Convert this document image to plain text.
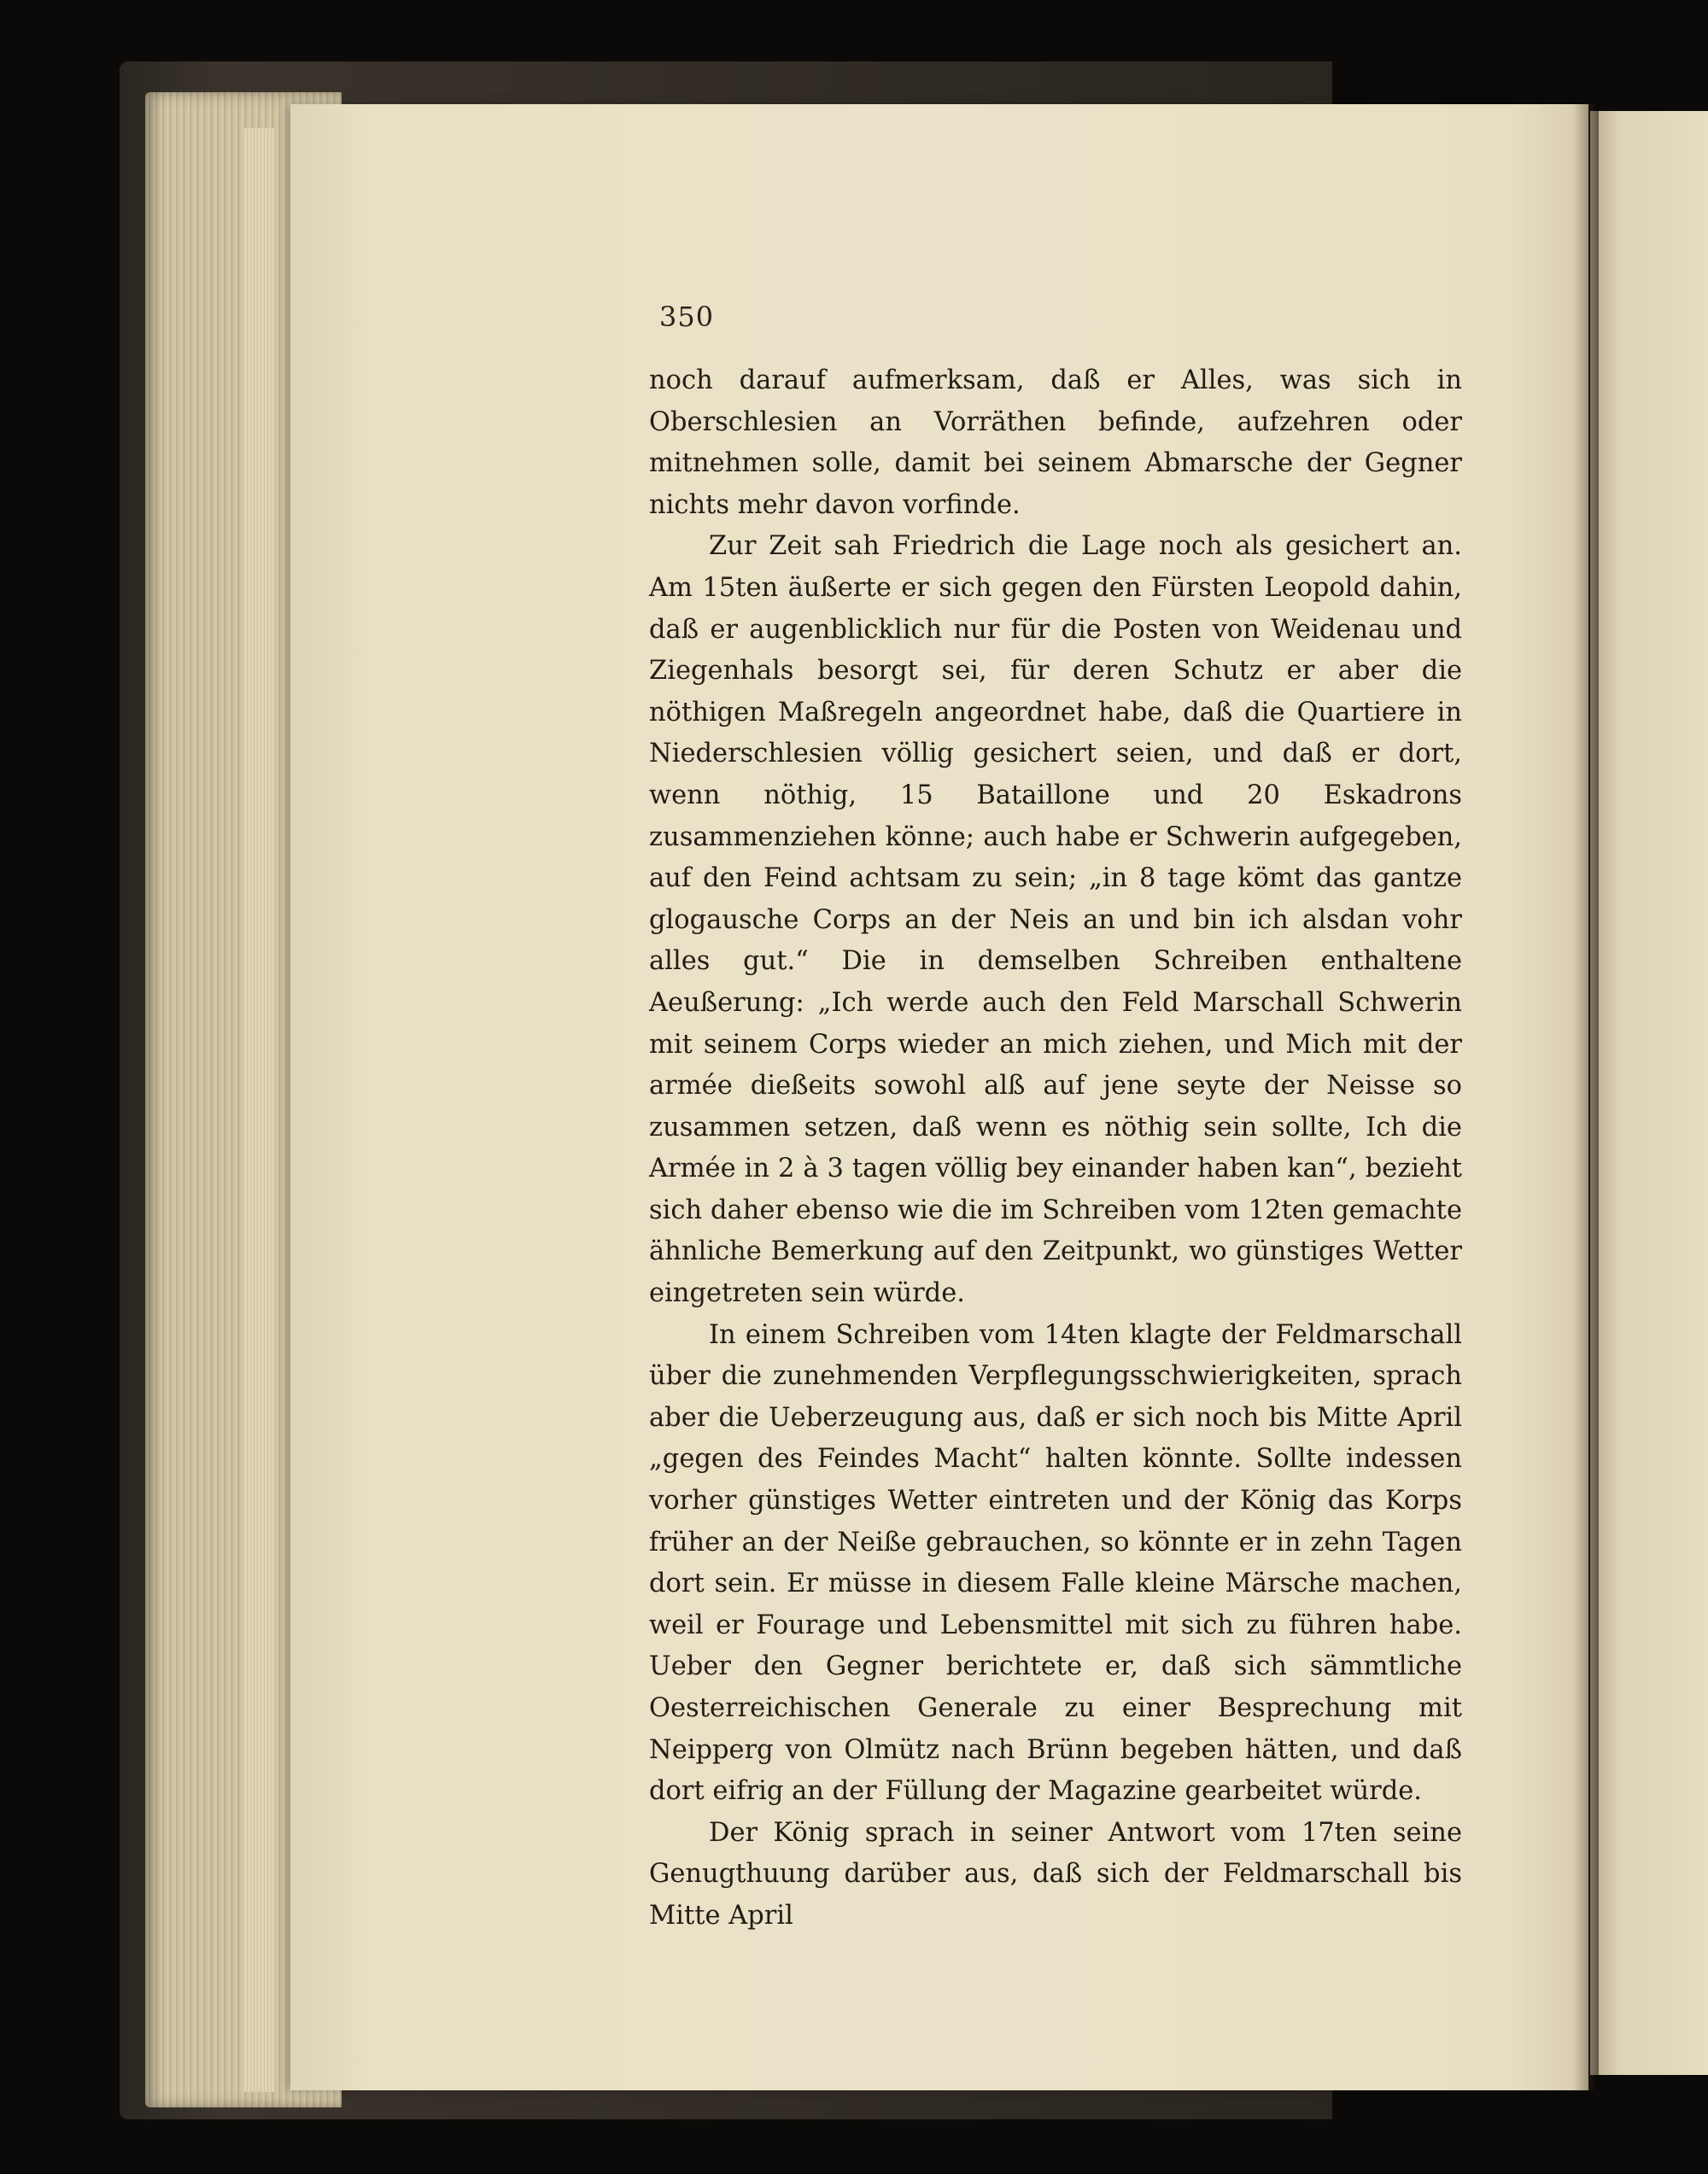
350

noch darauf aufmerksam, daß er Alles, was sich in Oberschlesien an Vorräthen befinde, aufzehren oder mitnehmen solle, damit bei seinem Abmarsche der Gegner nichts mehr davon vorfinde.

Zur Zeit sah Friedrich die Lage noch als gesichert an. Am 15ten äußerte er sich gegen den Fürsten Leopold dahin, daß er augenblicklich nur für die Posten von Weidenau und Ziegenhals besorgt sei, für deren Schutz er aber die nöthigen Maßregeln angeordnet habe, daß die Quartiere in Niederschlesien völlig gesichert seien, und daß er dort, wenn nöthig, 15 Bataillone und 20 Eskadrons zusammenziehen könne; auch habe er Schwerin aufgegeben, auf den Feind achtsam zu sein; „in 8 tage kömt das gantze glogausche Corps an der Neis an und bin ich alsdan vohr alles gut.“ Die in demselben Schreiben enthaltene Aeußerung: „Ich werde auch den Feld Marschall Schwerin mit seinem Corps wieder an mich ziehen, und Mich mit der armée dießeits sowohl alß auf jene seyte der Neisse so zusammen setzen, daß wenn es nöthig sein sollte, Ich die Armée in 2 à 3 tagen völlig bey einander haben kan“, bezieht sich daher ebenso wie die im Schreiben vom 12ten gemachte ähnliche Bemerkung auf den Zeitpunkt, wo günstiges Wetter eingetreten sein würde.

In einem Schreiben vom 14ten klagte der Feldmarschall über die zunehmenden Verpflegungsschwierigkeiten, sprach aber die Ueberzeugung aus, daß er sich noch bis Mitte April „gegen des Feindes Macht“ halten könnte. Sollte indessen vorher günstiges Wetter eintreten und der König das Korps früher an der Neiße gebrauchen, so könnte er in zehn Tagen dort sein. Er müsse in diesem Falle kleine Märsche machen, weil er Fourage und Lebensmittel mit sich zu führen habe. Ueber den Gegner berichtete er, daß sich sämmtliche Oesterreichischen Generale zu einer Besprechung mit Neipperg von Olmütz nach Brünn begeben hätten, und daß dort eifrig an der Füllung der Magazine gearbeitet würde.

Der König sprach in seiner Antwort vom 17ten seine Genugthuung darüber aus, daß sich der Feldmarschall bis Mitte April
